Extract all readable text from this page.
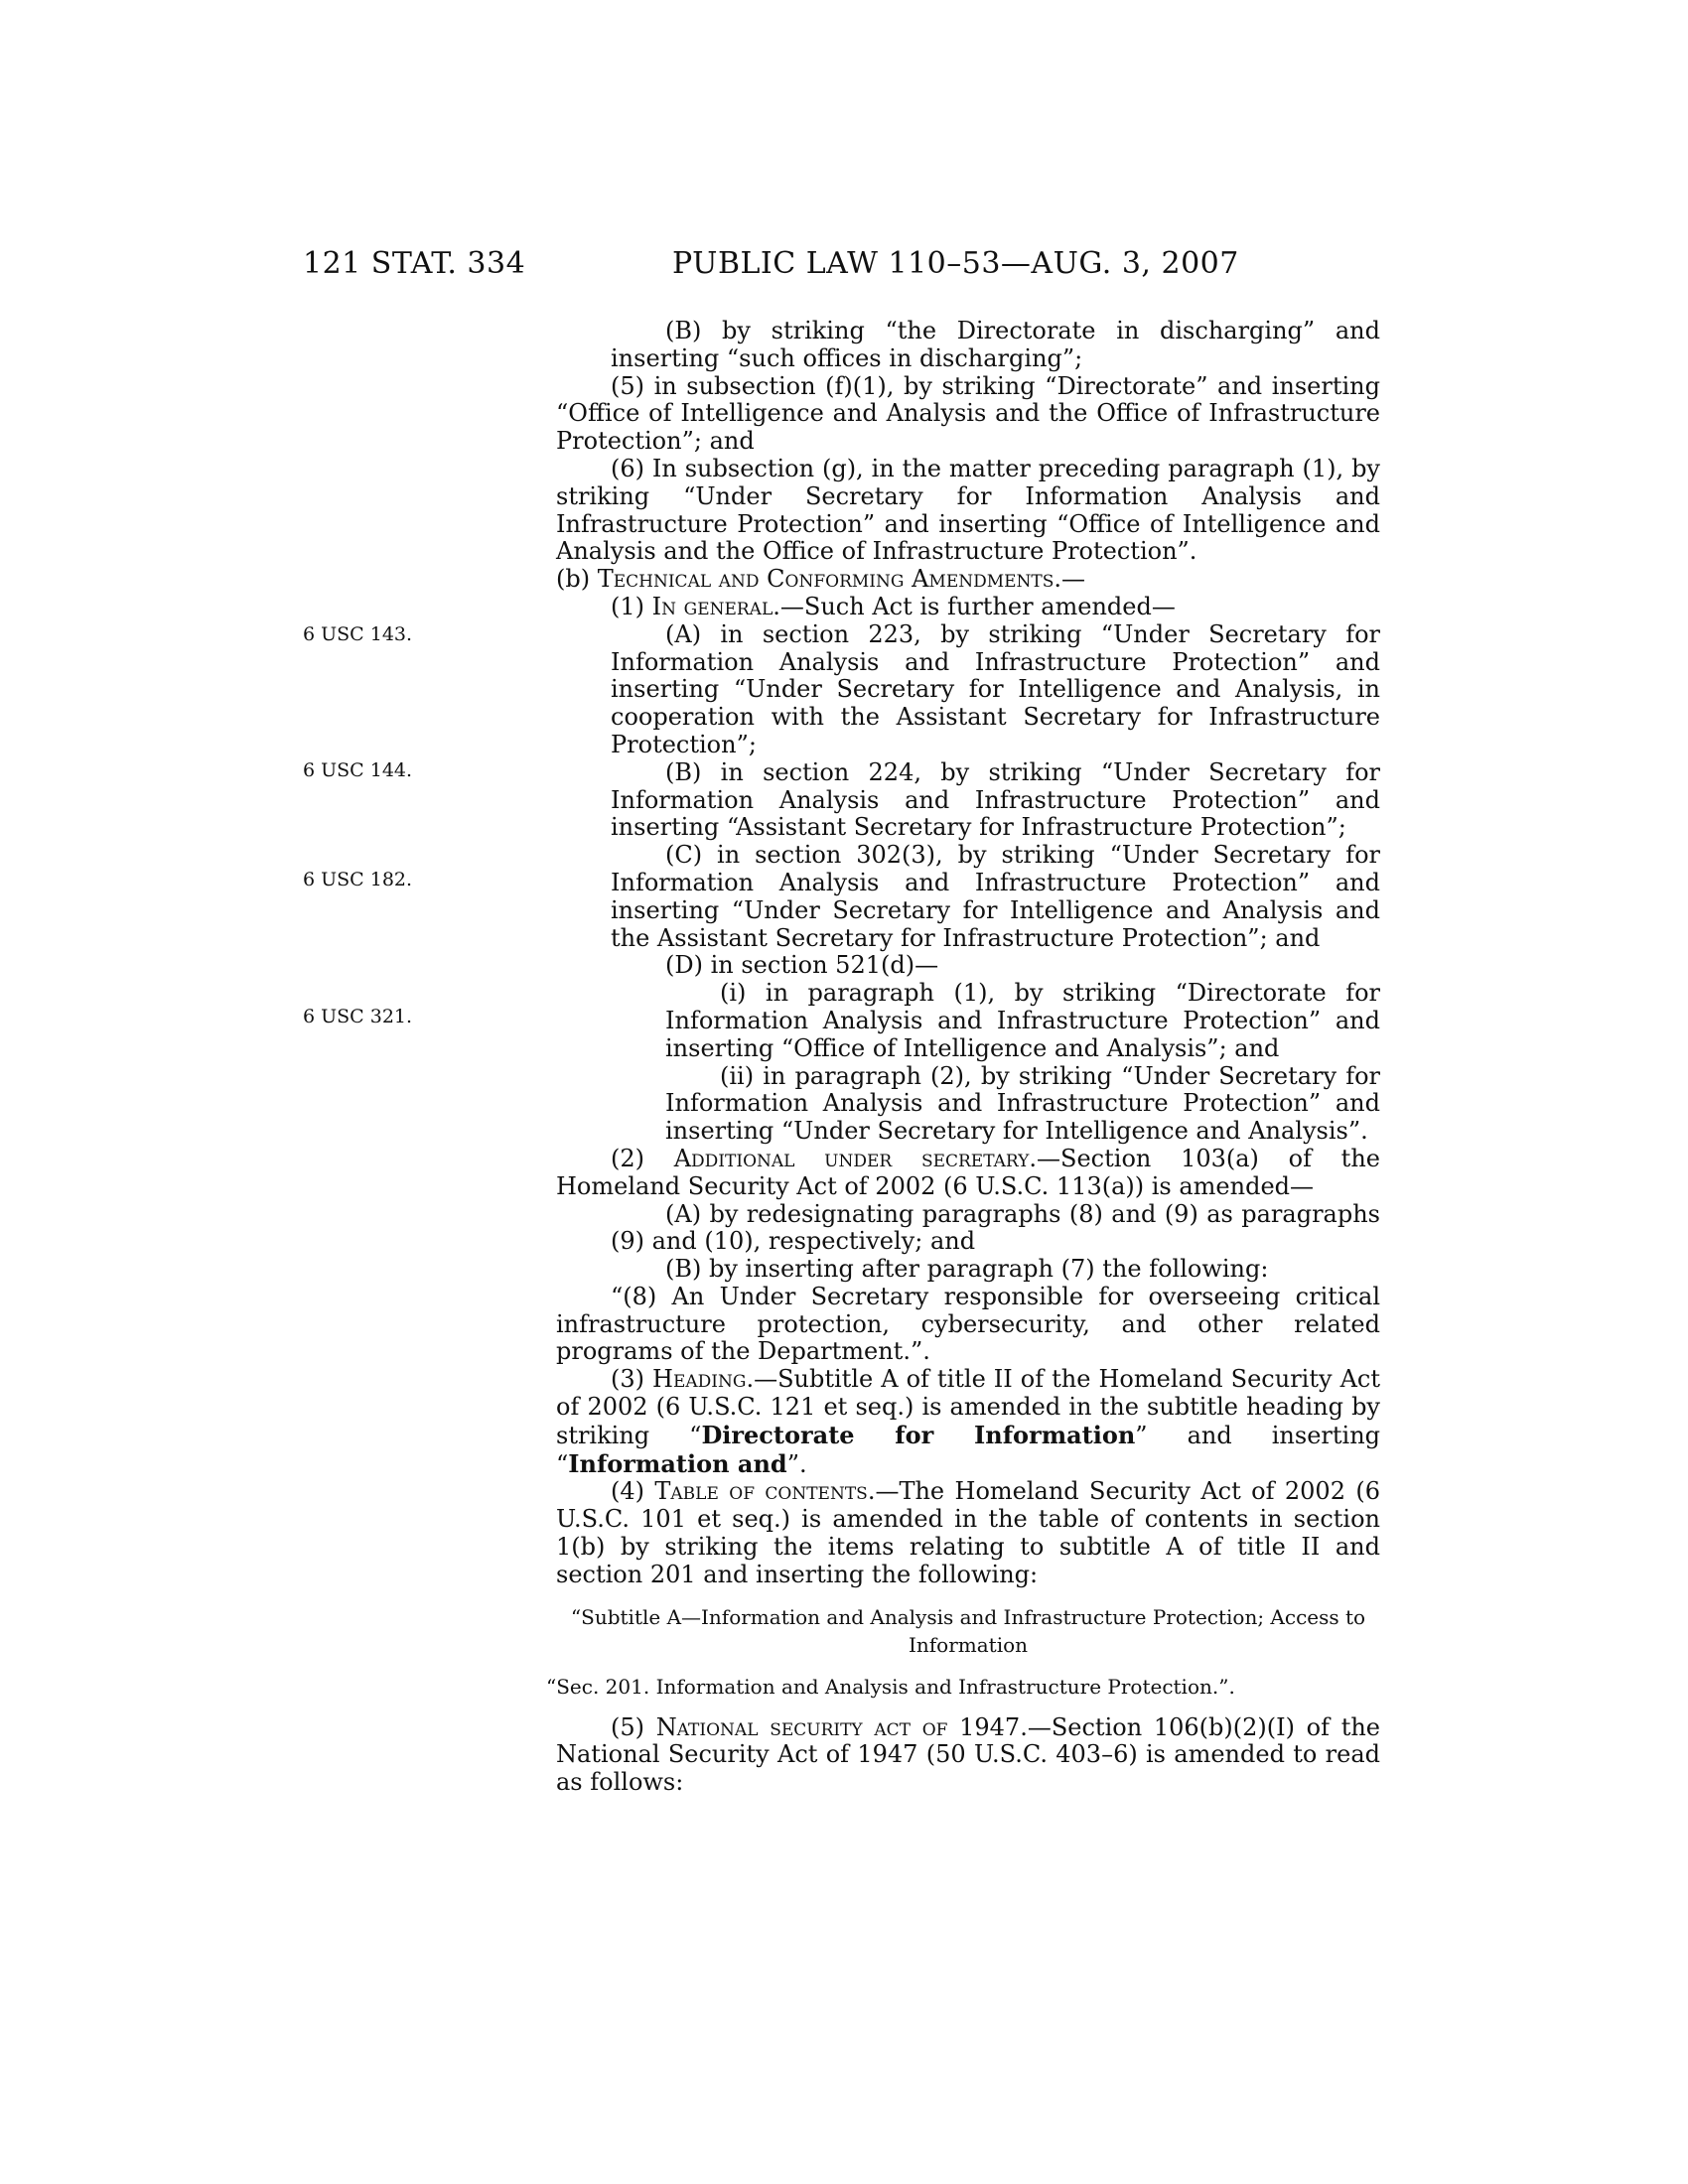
121 STAT. 334	PUBLIC LAW 110–53—AUG. 3, 2007
6 USC 143.
6 USC 144.
6 USC 182.
6 USC 321.

(B) by striking “the Directorate in discharging” and inserting “such offices in discharging”;

(5) in subsection (f)(1), by striking “Directorate” and inserting “Office of Intelligence and Analysis and the Office of Infrastructure Protection”; and

(6) In subsection (g), in the matter preceding paragraph (1), by striking “Under Secretary for Information Analysis and Infrastructure Protection” and inserting “Office of Intelligence and Analysis and the Office of Infrastructure Protection”.

(b) Technical and Conforming Amendments.—

(1) In general.—Such Act is further amended—

(A) in section 223, by striking “Under Secretary for Information Analysis and Infrastructure Protection” and inserting “Under Secretary for Intelligence and Analysis, in cooperation with the Assistant Secretary for Infrastructure Protection”;

(B) in section 224, by striking “Under Secretary for Information Analysis and Infrastructure Protection” and inserting “Assistant Secretary for Infrastructure Protection”;

(C) in section 302(3), by striking “Under Secretary for Information Analysis and Infrastructure Protection” and inserting “Under Secretary for Intelligence and Analysis and the Assistant Secretary for Infrastructure Protection”; and

(D) in section 521(d)—

(i) in paragraph (1), by striking “Directorate for Information Analysis and Infrastructure Protection” and inserting “Office of Intelligence and Analysis”; and

(ii) in paragraph (2), by striking “Under Secretary for Information Analysis and Infrastructure Protection” and inserting “Under Secretary for Intelligence and Analysis”.

(2) Additional under secretary.—Section 103(a) of the Homeland Security Act of 2002 (6 U.S.C. 113(a)) is amended—

(A) by redesignating paragraphs (8) and (9) as paragraphs (9) and (10), respectively; and

(B) by inserting after paragraph (7) the following:

“(8) An Under Secretary responsible for overseeing critical infrastructure protection, cybersecurity, and other related programs of the Department.”.

(3) Heading.—Subtitle A of title II of the Homeland Security Act of 2002 (6 U.S.C. 121 et seq.) is amended in the subtitle heading by striking “Directorate for Information” and inserting “Information and”.

(4) Table of contents.—The Homeland Security Act of 2002 (6 U.S.C. 101 et seq.) is amended in the table of contents in section 1(b) by striking the items relating to subtitle A of title II and section 201 and inserting the following:

“Subtitle A—Information and Analysis and Infrastructure Protection; Access to Information

“Sec. 201. Information and Analysis and Infrastructure Protection.”.

(5) National security act of 1947.—Section 106(b)(2)(I) of the National Security Act of 1947 (50 U.S.C. 403–6) is amended to read as follows:
